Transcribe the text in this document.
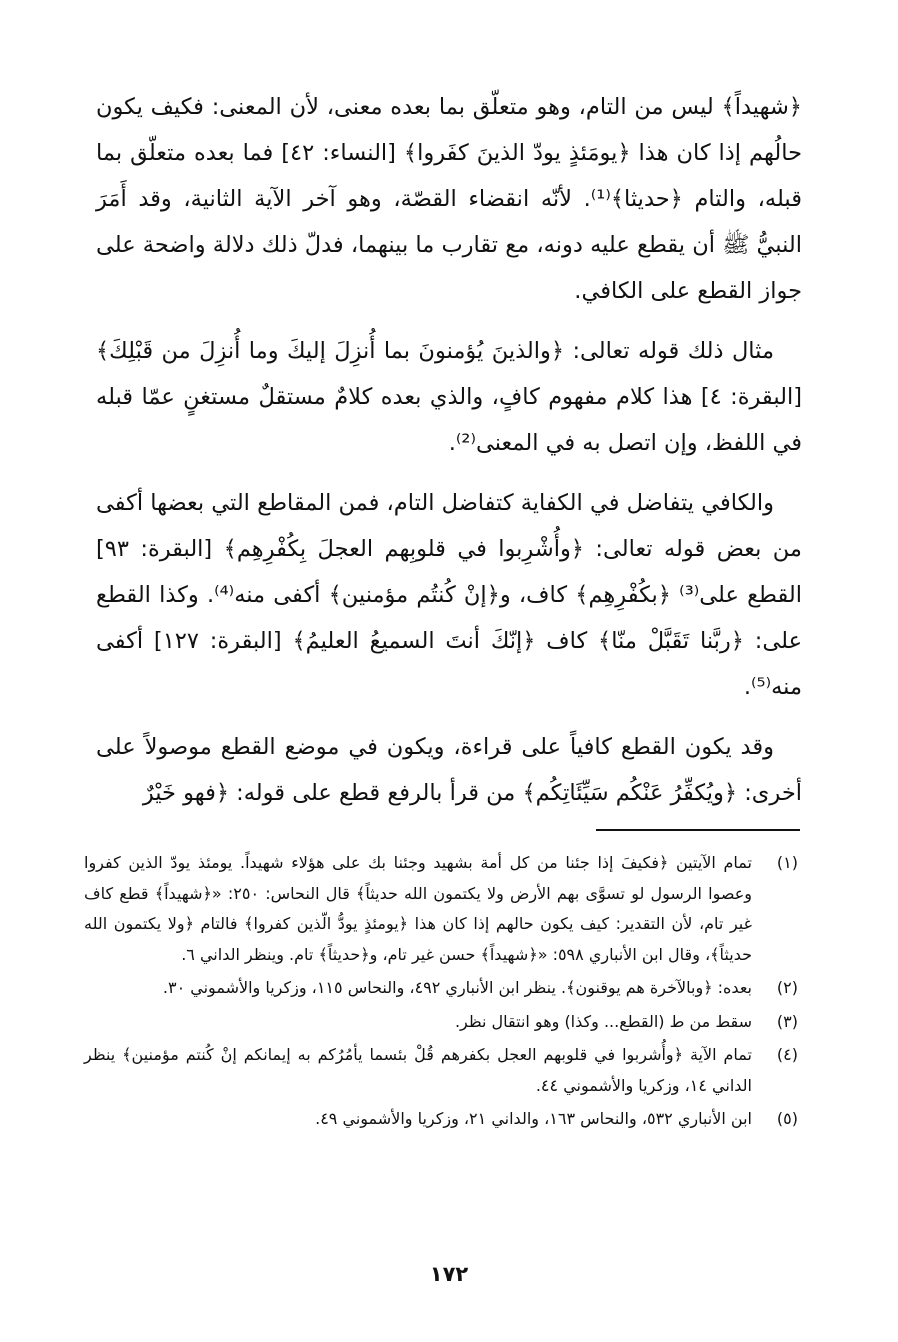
﴿شهيداً﴾ ليس من التام، وهو متعلّق بما بعده معنى، لأن المعنى: فكيف يكون حالُهم إذا كان هذا ﴿يومَئذٍ يودّ الذينَ كفَروا﴾ [النساء: ٤٢] فما بعده متعلّق بما قبله، والتام ﴿حديثا﴾⁽¹⁾. لأنّه انقضاء القصّة، وهو آخر الآية الثانية، وقد أَمَرَ النبيُّ ﷺ أن يقطع عليه دونه، مع تقارب ما بينهما، فدلّ ذلك دلالة واضحة على جواز القطع على الكافي.

مثال ذلك قوله تعالى: ﴿والذينَ يُؤمنونَ بما أُنزِلَ إليكَ وما أُنزِلَ من قَبْلِكَ﴾ [البقرة: ٤] هذا كلام مفهوم كافٍ، والذي بعده كلامٌ مستقلٌ مستغنٍ عمّا قبله في اللفظ، وإن اتصل به في المعنى⁽²⁾.

والكافي يتفاضل في الكفاية كتفاضل التام، فمن المقاطع التي بعضها أكفى من بعض قوله تعالى: ﴿وأُشْرِبوا في قلوبِهم العجلَ بِكُفْرِهِم﴾ [البقرة: ٩٣] القطع على⁽³⁾ ﴿بكُفْرِهِم﴾ كاف، و﴿إنْ كُنتُم مؤمنين﴾ أكفى منه⁽⁴⁾. وكذا القطع على: ﴿ربَّنا تَقَبَّلْ منّا﴾ كاف ﴿إنّكَ أنتَ السميعُ العليمُ﴾ [البقرة: ١٢٧] أكفى منه⁽⁵⁾.

وقد يكون القطع كافياً على قراءة، ويكون في موضع القطع موصولاً على أخرى: ﴿ويُكفِّرُ عَنْكُم سَيِّئَاتِكُم﴾ من قرأ بالرفع قطع على قوله: ﴿فهو خَيْرٌ

(١)
تمام الآيتين ﴿فكيفَ إذا جئنا من كل أمة بشهيد وجئنا بك على هؤلاء شهيداً. يومئذ يودّ الذين كفروا وعصوا الرسول لو تسوَّى بهم الأرض ولا يكتمون الله حديثاً﴾ قال النحاس: ٢٥٠: «﴿شهيداً﴾ قطع كاف غير تام، لأن التقدير: كيف يكون حالهم إذا كان هذا ﴿يومئذٍ يودُّ الّذين كفروا﴾ فالتام ﴿ولا يكتمون الله حديثاً﴾، وقال ابن الأنباري ٥٩٨: «﴿شهيداً﴾ حسن غير تام، و﴿حديثاً﴾ تام. وينظر الداني ٦.
(٢)
بعده: ﴿وبالآخرة هم يوقنون﴾. ينظر ابن الأنباري ٤٩٢، والنحاس ١١٥، وزكريا والأشموني ٣٠.
(٣)
سقط من ط (القطع... وكذا) وهو انتقال نظر.
(٤)
تمام الآية ﴿وأُشربوا في قلوبهم العجل بكفرهم قُلْ بئسما يأمُرُكم به إيمانكم إنْ كُنتم مؤمنين﴾ ينظر الداني ١٤، وزكريا والأشموني ٤٤.
(٥)
ابن الأنباري ٥٣٢، والنحاس ١٦٣، والداني ٢١، وزكريا والأشموني ٤٩.
١٧٢
